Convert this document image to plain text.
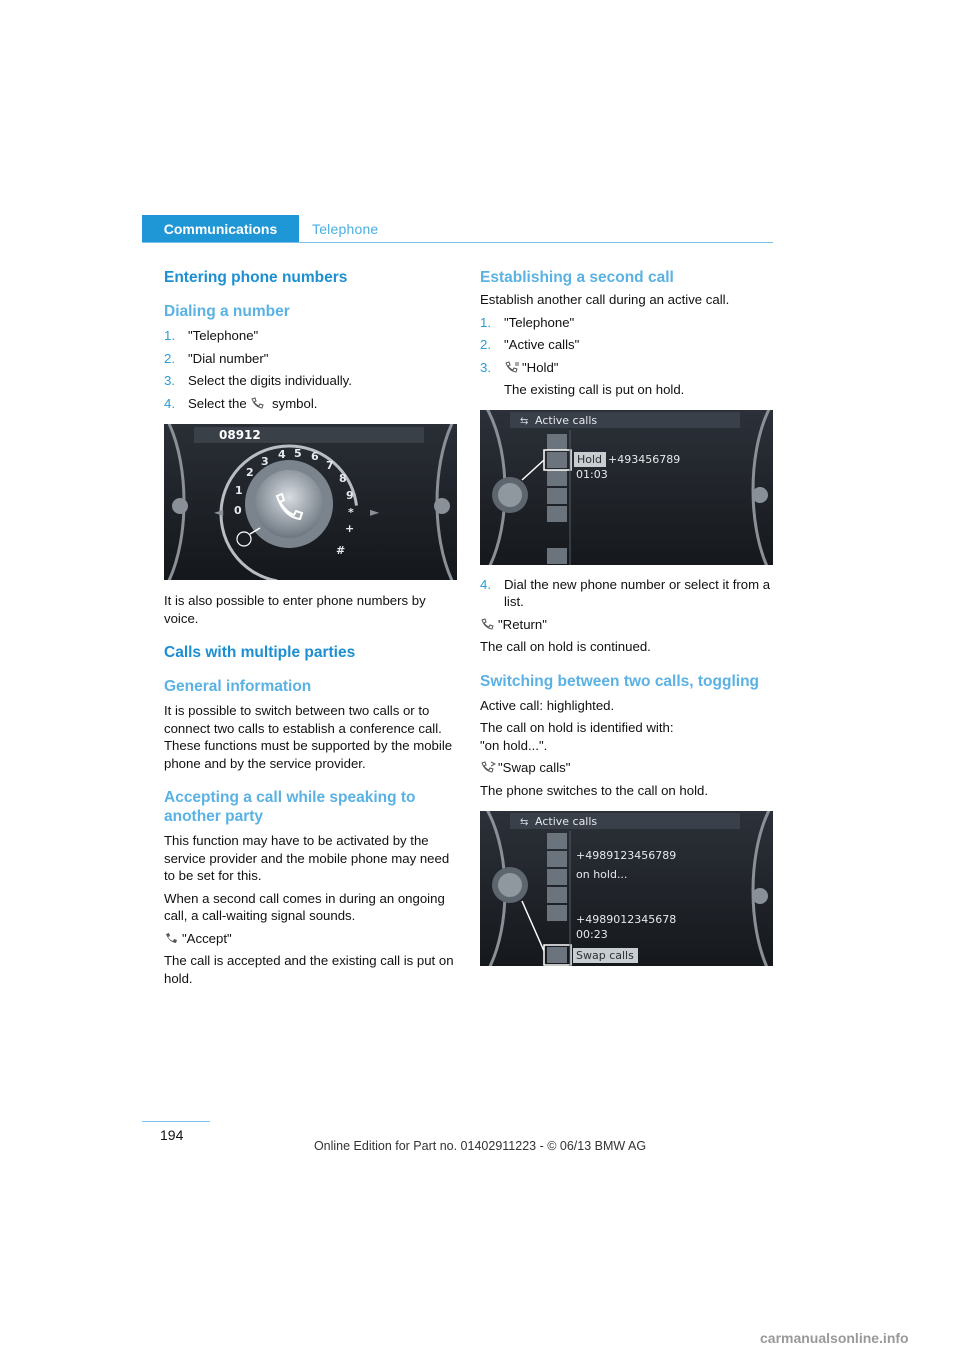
Communications	Telephone
Entering phone numbers
Dialing a number
1. "Telephone"
2. "Dial number"
3. Select the digits individually.
4. Select the symbol.
◄	►
08912
0
1
2
3
4 5 6
7
8
9
*
+
#

It is also possible to enter phone numbers by voice.

Calls with multiple parties
General information

It is possible to switch between two calls or to connect two calls to establish a conference call. These functions must be supported by the mobile phone and by the service provider.

Accepting a call while speaking to another party

This function may have to be activated by the service provider and the mobile phone may need to be set for this.

When a second call comes in during an ongoing call, a call-waiting signal sounds.

"Accept"

The call is accepted and the existing call is put on hold.

Establishing a second call

Establish another call during an active call.

1. "Telephone"
2. "Active calls"
3.	"Hold"

The existing call is put on hold.

⇆ Active calls
Hold +493456789
01:03
4. Dial the new phone number or select it from a list.

"Return"

The call on hold is continued.

Switching between two calls, toggling

Active call: highlighted.

The call on hold is identified with:

"on hold...".

"Swap calls"

The phone switches to the call on hold.

⇆ Active calls
+4989123456789
on hold...
+4989012345678
00:23
Swap calls
194
Online Edition for Part no. 01402911223 - © 06/13 BMW AG
carmanualsonline.info
